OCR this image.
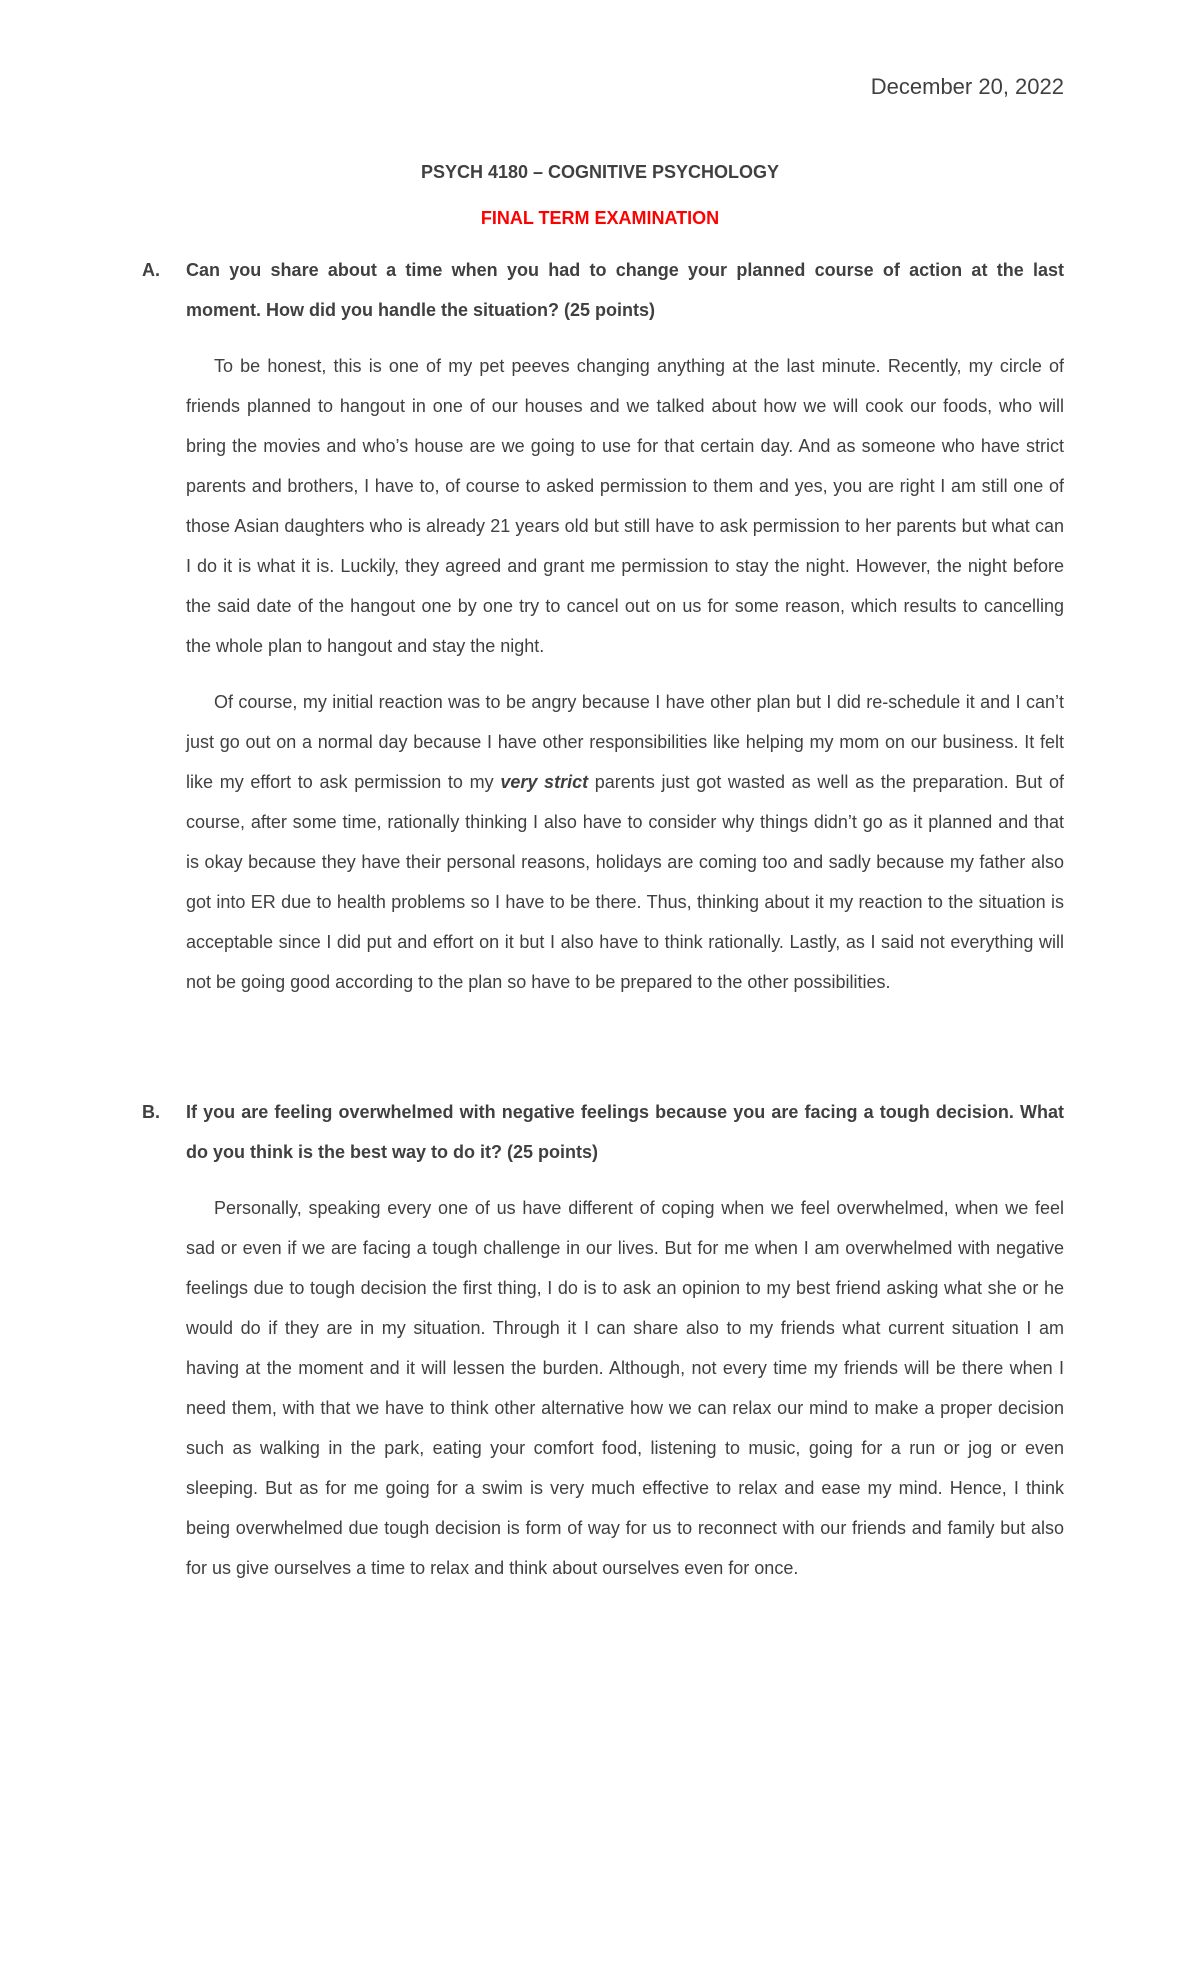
December 20, 2022

PSYCH 4180 – COGNITIVE PSYCHOLOGY

FINAL TERM EXAMINATION

A. Can you share about a time when you had to change your planned course of action at the last moment. How did you handle the situation? (25 points)

To be honest, this is one of my pet peeves changing anything at the last minute. Recently, my circle of friends planned to hangout in one of our houses and we talked about how we will cook our foods, who will bring the movies and who’s house are we going to use for that certain day. And as someone who have strict parents and brothers, I have to, of course to asked permission to them and yes, you are right I am still one of those Asian daughters who is already 21 years old but still have to ask permission to her parents but what can I do it is what it is. Luckily, they agreed and grant me permission to stay the night. However, the night before the said date of the hangout one by one try to cancel out on us for some reason, which results to cancelling the whole plan to hangout and stay the night.

Of course, my initial reaction was to be angry because I have other plan but I did re-schedule it and I can’t just go out on a normal day because I have other responsibilities like helping my mom on our business. It felt like my effort to ask permission to my very strict parents just got wasted as well as the preparation. But of course, after some time, rationally thinking I also have to consider why things didn’t go as it planned and that is okay because they have their personal reasons, holidays are coming too and sadly because my father also got into ER due to health problems so I have to be there. Thus, thinking about it my reaction to the situation is acceptable since I did put and effort on it but I also have to think rationally. Lastly, as I said not everything will not be going good according to the plan so have to be prepared to the other possibilities.

B. If you are feeling overwhelmed with negative feelings because you are facing a tough decision. What do you think is the best way to do it? (25 points)

Personally, speaking every one of us have different of coping when we feel overwhelmed, when we feel sad or even if we are facing a tough challenge in our lives. But for me when I am overwhelmed with negative feelings due to tough decision the first thing, I do is to ask an opinion to my best friend asking what she or he would do if they are in my situation. Through it I can share also to my friends what current situation I am having at the moment and it will lessen the burden. Although, not every time my friends will be there when I need them, with that we have to think other alternative how we can relax our mind to make a proper decision such as walking in the park, eating your comfort food, listening to music, going for a run or jog or even sleeping. But as for me going for a swim is very much effective to relax and ease my mind. Hence, I think being overwhelmed due tough decision is form of way for us to reconnect with our friends and family but also for us give ourselves a time to relax and think about ourselves even for once.
